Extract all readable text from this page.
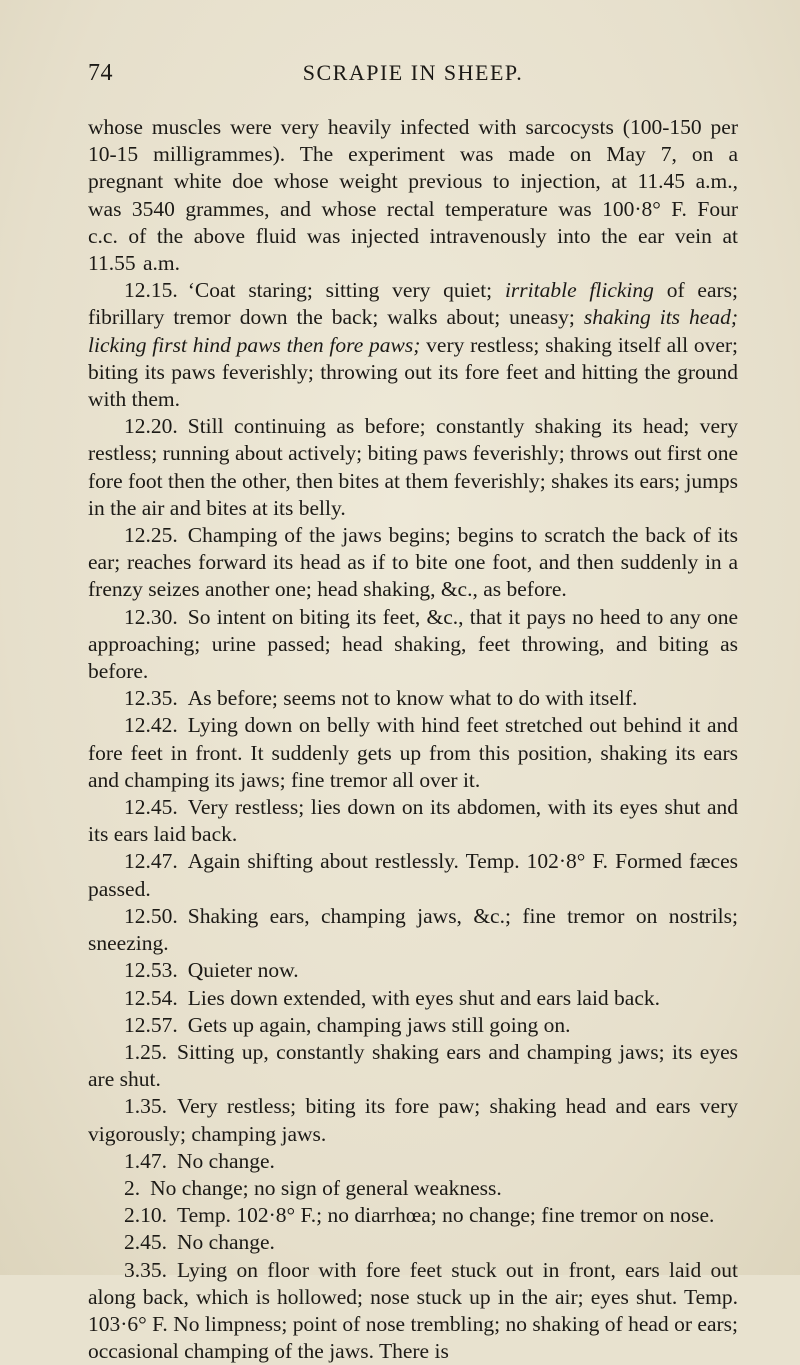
74	SCRAPIE IN SHEEP.

whose muscles were very heavily infected with sarcocysts (100-150 per 10-15 milligrammes). The experiment was made on May 7, on a pregnant white doe whose weight previous to injection, at 11.45 a.m., was 3540 grammes, and whose rectal temperature was 100·8° F. Four c.c. of the above fluid was injected intravenously into the ear vein at 11.55 a.m.

12.15. ‘Coat staring; sitting very quiet; irritable flicking of ears; fibrillary tremor down the back; walks about; uneasy; shaking its head; licking first hind paws then fore paws; very restless; shaking itself all over; biting its paws feverishly; throwing out its fore feet and hitting the ground with them.

12.20. Still continuing as before; constantly shaking its head; very restless; running about actively; biting paws feverishly; throws out first one fore foot then the other, then bites at them feverishly; shakes its ears; jumps in the air and bites at its belly.

12.25. Champing of the jaws begins; begins to scratch the back of its ear; reaches forward its head as if to bite one foot, and then suddenly in a frenzy seizes another one; head shaking, &c., as before.

12.30. So intent on biting its feet, &c., that it pays no heed to any one approaching; urine passed; head shaking, feet throwing, and biting as before.

12.35. As before; seems not to know what to do with itself.

12.42. Lying down on belly with hind feet stretched out behind it and fore feet in front. It suddenly gets up from this position, shaking its ears and champing its jaws; fine tremor all over it.

12.45. Very restless; lies down on its abdomen, with its eyes shut and its ears laid back.

12.47. Again shifting about restlessly. Temp. 102·8° F. Formed fæces passed.

12.50. Shaking ears, champing jaws, &c.; fine tremor on nostrils; sneezing.

12.53. Quieter now.

12.54. Lies down extended, with eyes shut and ears laid back.

12.57. Gets up again, champing jaws still going on.

1.25. Sitting up, constantly shaking ears and champing jaws; its eyes are shut.

1.35. Very restless; biting its fore paw; shaking head and ears very vigorously; champing jaws.

1.47. No change.

2. No change; no sign of general weakness.

2.10. Temp. 102·8° F.; no diarrhœa; no change; fine tremor on nose.

2.45. No change.

3.35. Lying on floor with fore feet stuck out in front, ears laid out along back, which is hollowed; nose stuck up in the air; eyes shut. Temp. 103·6° F. No limpness; point of nose trembling; no shaking of head or ears; occasional champing of the jaws. There is
